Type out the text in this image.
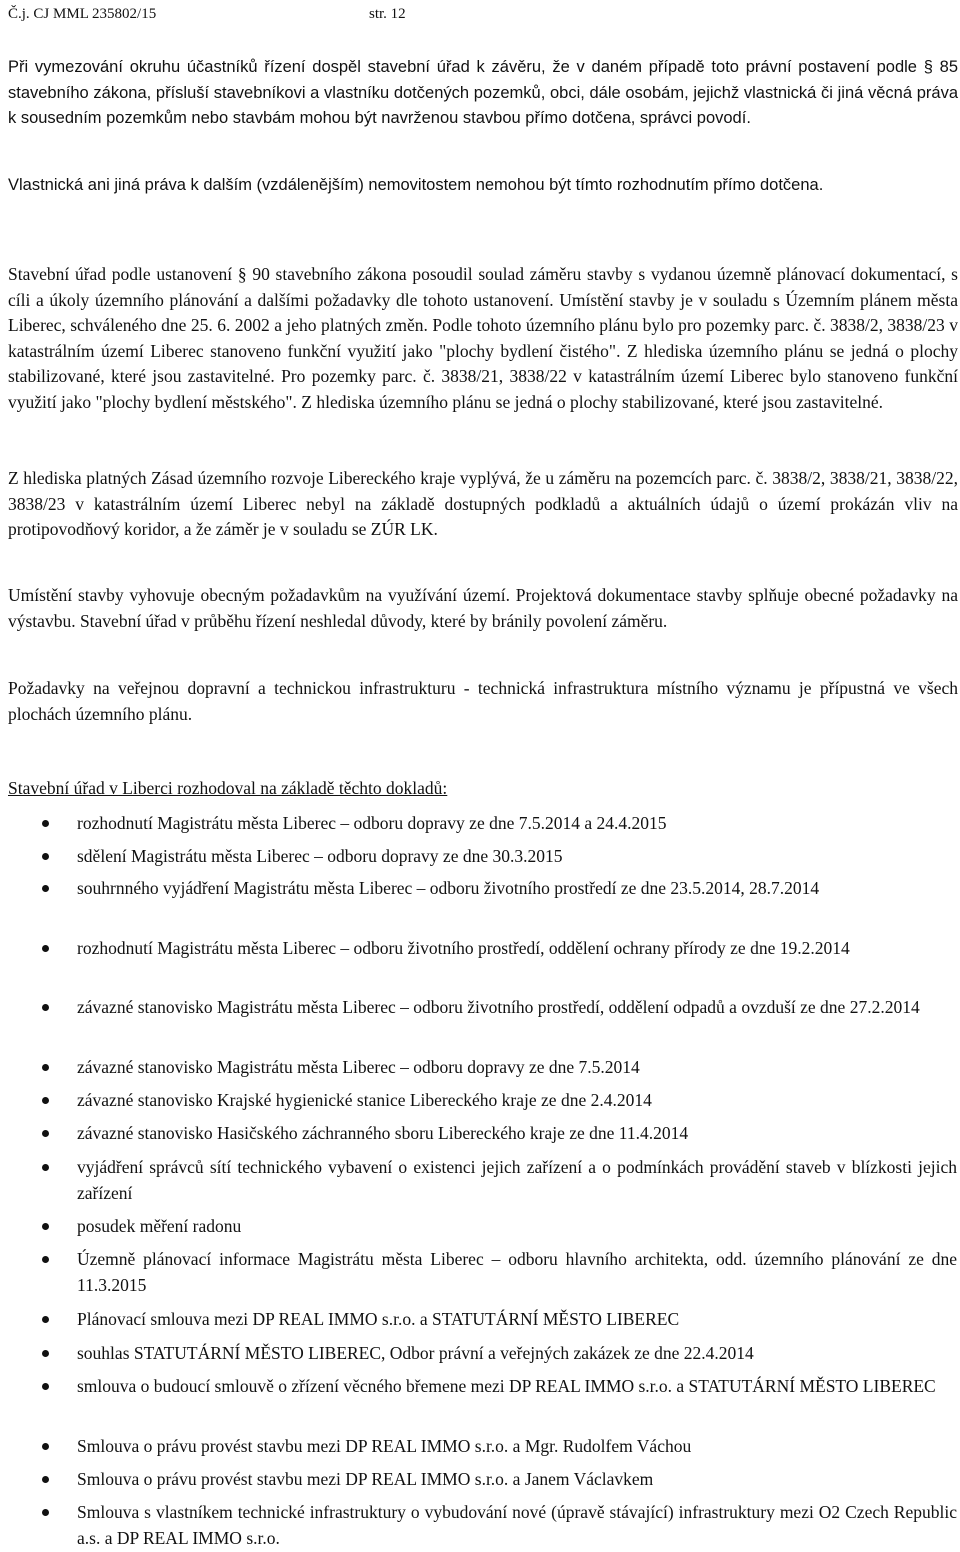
Č.j. CJ MML 235802/15	str. 12

Při vymezování okruhu účastníků řízení dospěl stavební úřad k závěru, že v daném případě toto právní postavení podle § 85 stavebního zákona, přísluší stavebníkovi a vlastníku dotčených pozemků, obci, dále osobám, jejichž vlastnická či jiná věcná práva k sousedním pozemkům nebo stavbám mohou být navrženou stavbou přímo dotčena, správci povodí.

Vlastnická ani jiná práva k dalším (vzdálenějším) nemovitostem nemohou být tímto rozhodnutím přímo dotčena.

Stavební úřad podle ustanovení § 90 stavebního zákona posoudil soulad záměru stavby s vydanou územně plánovací dokumentací, s cíli a úkoly územního plánování a dalšími požadavky dle tohoto ustanovení. Umístění stavby je v souladu s Územním plánem města Liberec, schváleného dne 25. 6. 2002 a jeho platných změn. Podle tohoto územního plánu bylo pro pozemky parc. č. 3838/2, 3838/23 v katastrálním území Liberec stanoveno funkční využití jako "plochy bydlení čistého". Z hlediska územního plánu se jedná o plochy stabilizované, které jsou zastavitelné. Pro pozemky parc. č. 3838/21, 3838/22 v katastrálním území Liberec bylo stanoveno funkční využití jako "plochy bydlení městského". Z hlediska územního plánu se jedná o plochy stabilizované, které jsou zastavitelné.

Z hlediska platných Zásad územního rozvoje Libereckého kraje vyplývá, že u záměru na pozemcích parc. č. 3838/2, 3838/21, 3838/22, 3838/23 v katastrálním území Liberec nebyl na základě dostupných podkladů a aktuálních údajů o území prokázán vliv na protipovodňový koridor, a že záměr je v souladu se ZÚR LK.

Umístění stavby vyhovuje obecným požadavkům na využívání území. Projektová dokumentace stavby splňuje obecné požadavky na výstavbu. Stavební úřad v průběhu řízení neshledal důvody, které by bránily povolení záměru.

Požadavky na veřejnou dopravní a technickou infrastrukturu - technická infrastruktura místního významu je přípustná ve všech plochách územního plánu.

Stavební úřad v Liberci rozhodoval na základě těchto dokladů:

rozhodnutí Magistrátu města Liberec – odboru dopravy ze dne 7.5.2014 a 24.4.2015
sdělení Magistrátu města Liberec – odboru dopravy ze dne 30.3.2015
souhrnného vyjádření Magistrátu města Liberec – odboru životního prostředí ze dne 23.5.2014, 28.7.2014
rozhodnutí Magistrátu města Liberec – odboru životního prostředí, oddělení ochrany přírody ze dne 19.2.2014
závazné stanovisko Magistrátu města Liberec – odboru životního prostředí, oddělení odpadů a ovzduší ze dne 27.2.2014
závazné stanovisko Magistrátu města Liberec – odboru dopravy ze dne 7.5.2014
závazné stanovisko Krajské hygienické stanice Libereckého kraje ze dne 2.4.2014
závazné stanovisko Hasičského záchranného sboru Libereckého kraje ze dne 11.4.2014
vyjádření správců sítí technického vybavení o existenci jejich zařízení a o podmínkách provádění staveb v blízkosti jejich zařízení
posudek měření radonu
Územně plánovací informace Magistrátu města Liberec – odboru hlavního architekta, odd. územního plánování ze dne 11.3.2015
Plánovací smlouva mezi DP REAL IMMO s.r.o. a STATUTÁRNÍ MĚSTO LIBEREC
souhlas STATUTÁRNÍ MĚSTO LIBEREC, Odbor právní a veřejných zakázek ze dne 22.4.2014
smlouva o budoucí smlouvě o zřízení věcného břemene mezi DP REAL IMMO s.r.o. a STATUTÁRNÍ MĚSTO LIBEREC
Smlouva o právu provést stavbu mezi DP REAL IMMO s.r.o. a Mgr. Rudolfem Váchou
Smlouva o právu provést stavbu mezi DP REAL IMMO s.r.o. a Janem Václavkem
Smlouva s vlastníkem technické infrastruktury o vybudování nové (úpravě stávající) infrastruktury mezi O2 Czech Republic a.s. a DP REAL IMMO s.r.o.
